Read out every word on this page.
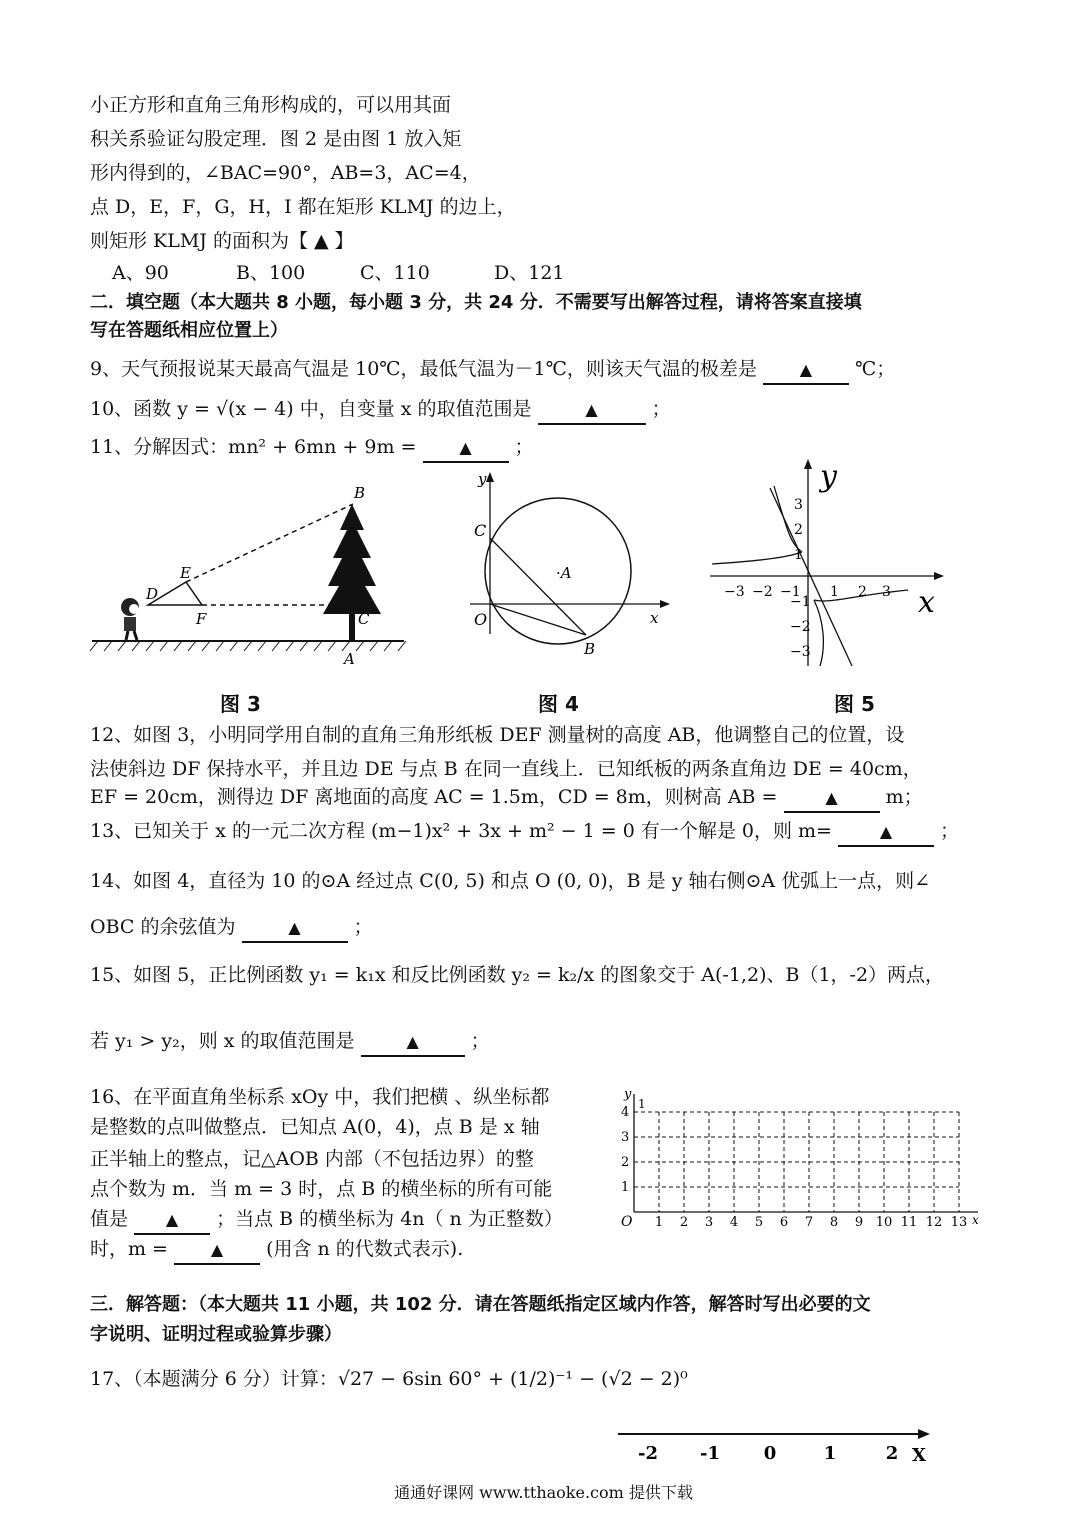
小正方形和直角三角形构成的，可以用其面
积关系验证勾股定理．图 2 是由图 1 放入矩
形内得到的，∠BAC=90°，AB=3，AC=4，
点 D，E，F，G，H，I 都在矩形 KLMJ 的边上，
则矩形 KLMJ 的面积为【 ▲ 】
A、90	B、100	C、110	D、121
二．填空题（本大题共 8 小题，每小题 3 分，共 24 分．不需要写出解答过程，请将答案直接填
写在答题纸相应位置上）
9、天气预报说某天最高气温是 10℃，最低气温为－1℃，则该天气温的极差是	▲ ℃；
10、函数 y = √(x − 4) 中，自变量 x 的取值范围是	▲	；
11、分解因式：mn² + 6mn + 9m =	▲ ；
B
E
D
F	C
A
y
x
C
·A
O
B
y
x
−3 −2 −1 1 2 3
3
2
1
−1
−2
−3
图 3	图 4	图 5
12、如图 3，小明同学用自制的直角三角形纸板 DEF 测量树的高度 AB，他调整自己的位置，设
法使斜边 DF 保持水平，并且边 DE 与点 B 在同一直线上．已知纸板的两条直角边 DE = 40cm，
EF = 20cm，测得边 DF 离地面的高度 AC = 1.5m，CD = 8m，则树高 AB =	▲	m；
13、已知关于 x 的一元二次方程 (m−1)x² + 3x + m² − 1 = 0 有一个解是 0，则 m=	▲	；
14、如图 4，直径为 10 的⊙A 经过点 C(0, 5) 和点 O (0, 0)，B 是 y 轴右侧⊙A 优弧上一点，则∠
OBC 的余弦值为	▲	；
15、如图 5，正比例函数 y₁ = k₁x 和反比例函数 y₂ = k₂/x 的图象交于 A(-1,2)、B（1，-2）两点，
若 y₁ > y₂，则 x 的取值范围是	▲	；
16、在平面直角坐标系 xOy 中，我们把横 、纵坐标都
是整数的点叫做整点．已知点 A(0，4)，点 B 是 x 轴
正半轴上的整点，记△AOB 内部（不包括边界）的整
点个数为 m．当 m = 3 时，点 B 的横坐标的所有可能
值是 ▲ ；当点 B 的横坐标为 4n（ n 为正整数）
时，m =	▲ (用含 n 的代数式表示).
y
1
x
O
4
3
2
1
1 2 3 4 5 6 7 8 9 10 11 12 13
三．解答题：（本大题共 11 小题，共 102 分．请在答题纸指定区域内作答，解答时写出必要的文
字说明、证明过程或验算步骤）
17、（本题满分 6 分）计算：√27 − 6sin 60° + (1/2)⁻¹ − (√2 − 2)⁰
-2 -1 0	1	2 X
通通好课网 www.tthaoke.com 提供下载
